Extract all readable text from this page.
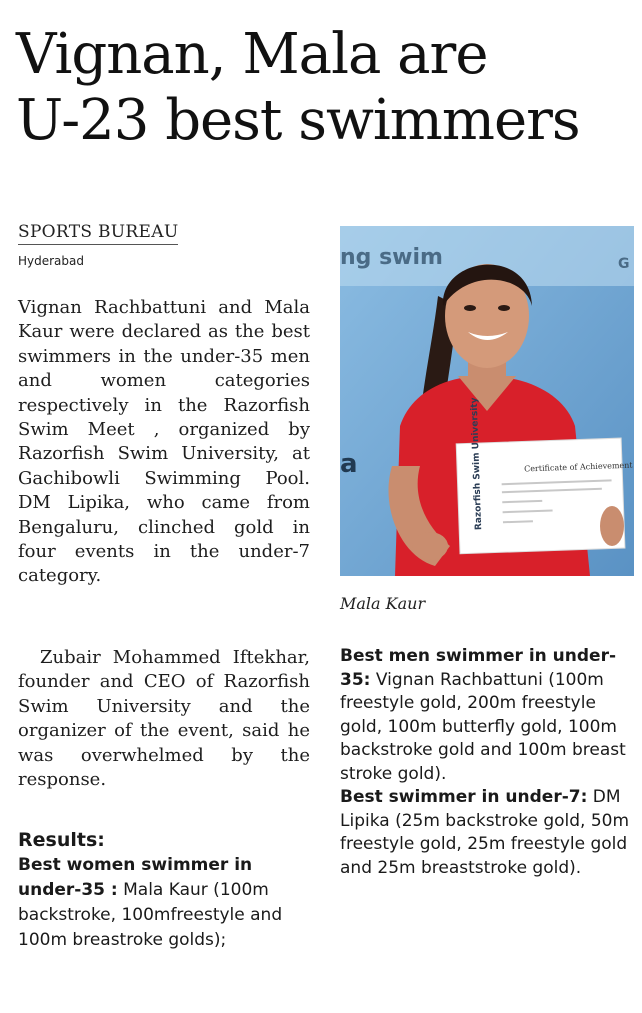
Vignan, Mala are
U-23 best swimmers
SPORTS BUREAU
Hyderabad

Vignan Rachbattuni and Mala Kaur were declared as the best swimmers in the under-35 men and women categories respectively in the Razorfish Swim Meet , organized by Razorfish Swim University, at Gachibowli Swimming Pool. DM Lipika, who came from Bengaluru, clinched gold in four events in the under-7 category.

Zubair Mohammed Iftekhar, founder and CEO of Razorfish Swim University and the organizer of the event, said he was overwhelmed by the response.

Results:
Best women swimmer in under-35 : Mala Kaur (100m backstroke, 100mfreestyle and 100m breastroke golds);
ng swim	G
a	Razorfish Swim University	Certificate of Achievement
Mala Kaur
Best men swimmer in under-35: Vignan Rachbattuni (100m freestyle gold, 200m freestyle gold, 100m butterfly gold, 100m backstroke gold and 100m breast stroke gold).
Best swimmer in under-7: DM Lipika (25m backstroke gold, 50m freestyle gold, 25m freestyle gold and 25m breaststroke gold).
